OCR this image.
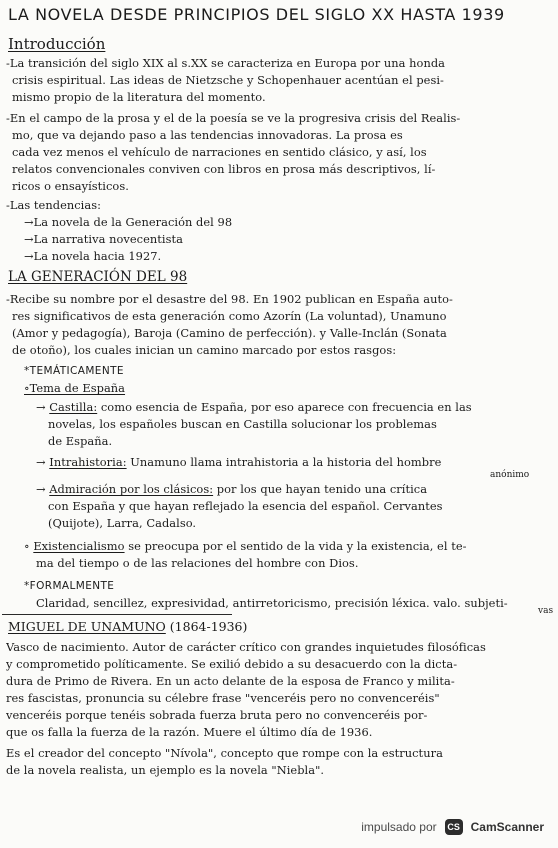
LA NOVELA DESDE PRINCIPIOS DEL SIGLO XX HASTA 1939
Introducción
-La transición del siglo XIX al s.XX se caracteriza en Europa por una honda
crisis espiritual. Las ideas de Nietzsche y Schopenhauer acentúan el pesi-
mismo propio de la literatura del momento.
-En el campo de la prosa y el de la poesía se ve la progresiva crisis del Realis-
mo, que va dejando paso a las tendencias innovadoras. La prosa es
cada vez menos el vehículo de narraciones en sentido clásico, y así, los
relatos convencionales conviven con libros en prosa más descriptivos, lí-
ricos o ensayísticos.
-Las tendencias:
→La novela de la Generación del 98
→La narrativa novecentista
→La novela hacia 1927.
LA GENERACIÓN DEL 98
-Recibe su nombre por el desastre del 98. En 1902 publican en España auto-
res significativos de esta generación como Azorín (La voluntad), Unamuno
(Amor y pedagogía), Baroja (Camino de perfección). y Valle-Inclán (Sonata
de otoño), los cuales inician un camino marcado por estos rasgos:
*TEMÁTICAMENTE
∘Tema de España
→ Castilla: como esencia de España, por eso aparece con frecuencia en las
novelas, los españoles buscan en Castilla solucionar los problemas
de España.
→ Intrahistoria: Unamuno llama intrahistoria a la historia del hombre
anónimo
→ Admiración por los clásicos: por los que hayan tenido una crítica
con España y que hayan reflejado la esencia del español. Cervantes
(Quijote), Larra, Cadalso.
∘ Existencialismo se preocupa por el sentido de la vida y la existencia, el te-
ma del tiempo o de las relaciones del hombre con Dios.
*FORMALMENTE
Claridad, sencillez, expresividad, antirretoricismo, precisión léxica. valo. subjeti-
vas
MIGUEL DE UNAMUNO (1864-1936)
Vasco de nacimiento. Autor de carácter crítico con grandes inquietudes filosóficas
y comprometido políticamente. Se exilió debido a su desacuerdo con la dicta-
dura de Primo de Rivera. En un acto delante de la esposa de Franco y milita-
res fascistas, pronuncia su célebre frase "venceréis pero no convenceréis"
venceréis porque tenéis sobrada fuerza bruta pero no convenceréis por-
que os falla la fuerza de la razón. Muere el último día de 1936.
Es el creador del concepto "Nívola", concepto que rompe con la estructura
de la novela realista, un ejemplo es la novela "Niebla".
impulsado por	CS CamScanner
